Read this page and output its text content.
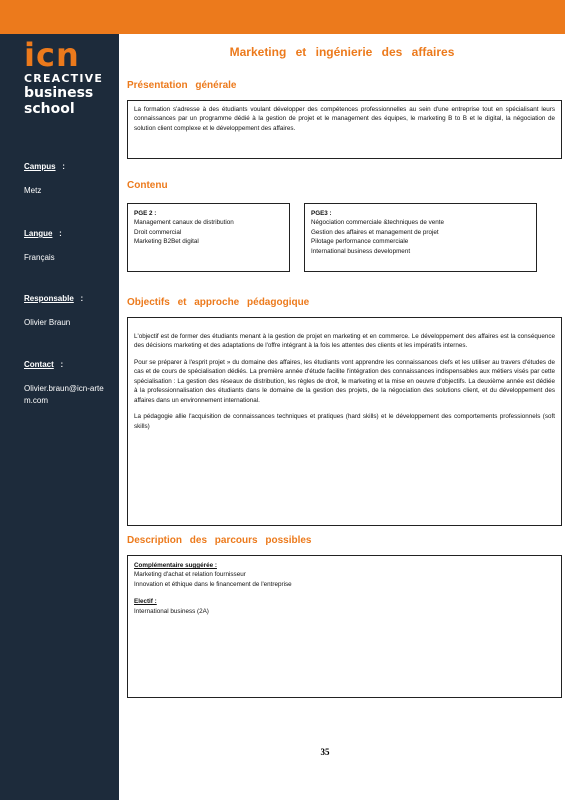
icn
CREACTIVE
business
school
Campus   :
Metz
Langue   :
Français
Responsable   :
Olivier Braun
Contact   :
Olivier.braun@icn-artem.com
Marketing et ingénierie des affaires
Présentation générale

La formation s'adresse à des étudiants voulant développer des compétences professionnelles au sein d'une entreprise tout en spécialisant leurs connaissances par un programme dédié à la gestion de projet et le management des équipes, le marketing B to B et le digital, la négociation de solution client complexe et le développement des affaires.

Contenu
PGE 2 :
Management canaux de distribution
Droit commercial
Marketing B2Bet digital
PGE3 :
Négociation commerciale &techniques de vente
Gestion des affaires et management de projet
Pilotage performance commerciale
International business development
Objectifs et approche pédagogique

L'objectif est de former des étudiants menant à la gestion de projet en marketing et en commerce. Le développement des affaires est la conséquence des décisions marketing et des adaptations de l'offre intégrant à la fois les attentes des clients et les impératifs internes.

Pour se préparer à l'esprit projet » du domaine des affaires, les étudiants vont apprendre les connaissances clefs et les utiliser au travers d'études de cas et de cours de spécialisation dédiés. La première année d'étude facilite l'intégration des connaissances indispensables aux métiers visés par cette spécialisation : La gestion des réseaux de distribution, les règles de droit, le marketing et la mise en oeuvre d'objectifs. La deuxième année est dédiée à la professionnalisation des étudiants dans le domaine de la gestion des projets, de la négociation des solutions client, et du développement des affaires dans un environnement international.

La pédagogie allie l'acquisition de connaissances techniques et pratiques (hard skills) et le développement des comportements professionnels (soft skills)

Description des parcours possibles
Complémentaire suggérée :
Marketing d'achat et relation fournisseur
Innovation et éthique dans le financement de l'entreprise
Electif :
International business (2A)
35
